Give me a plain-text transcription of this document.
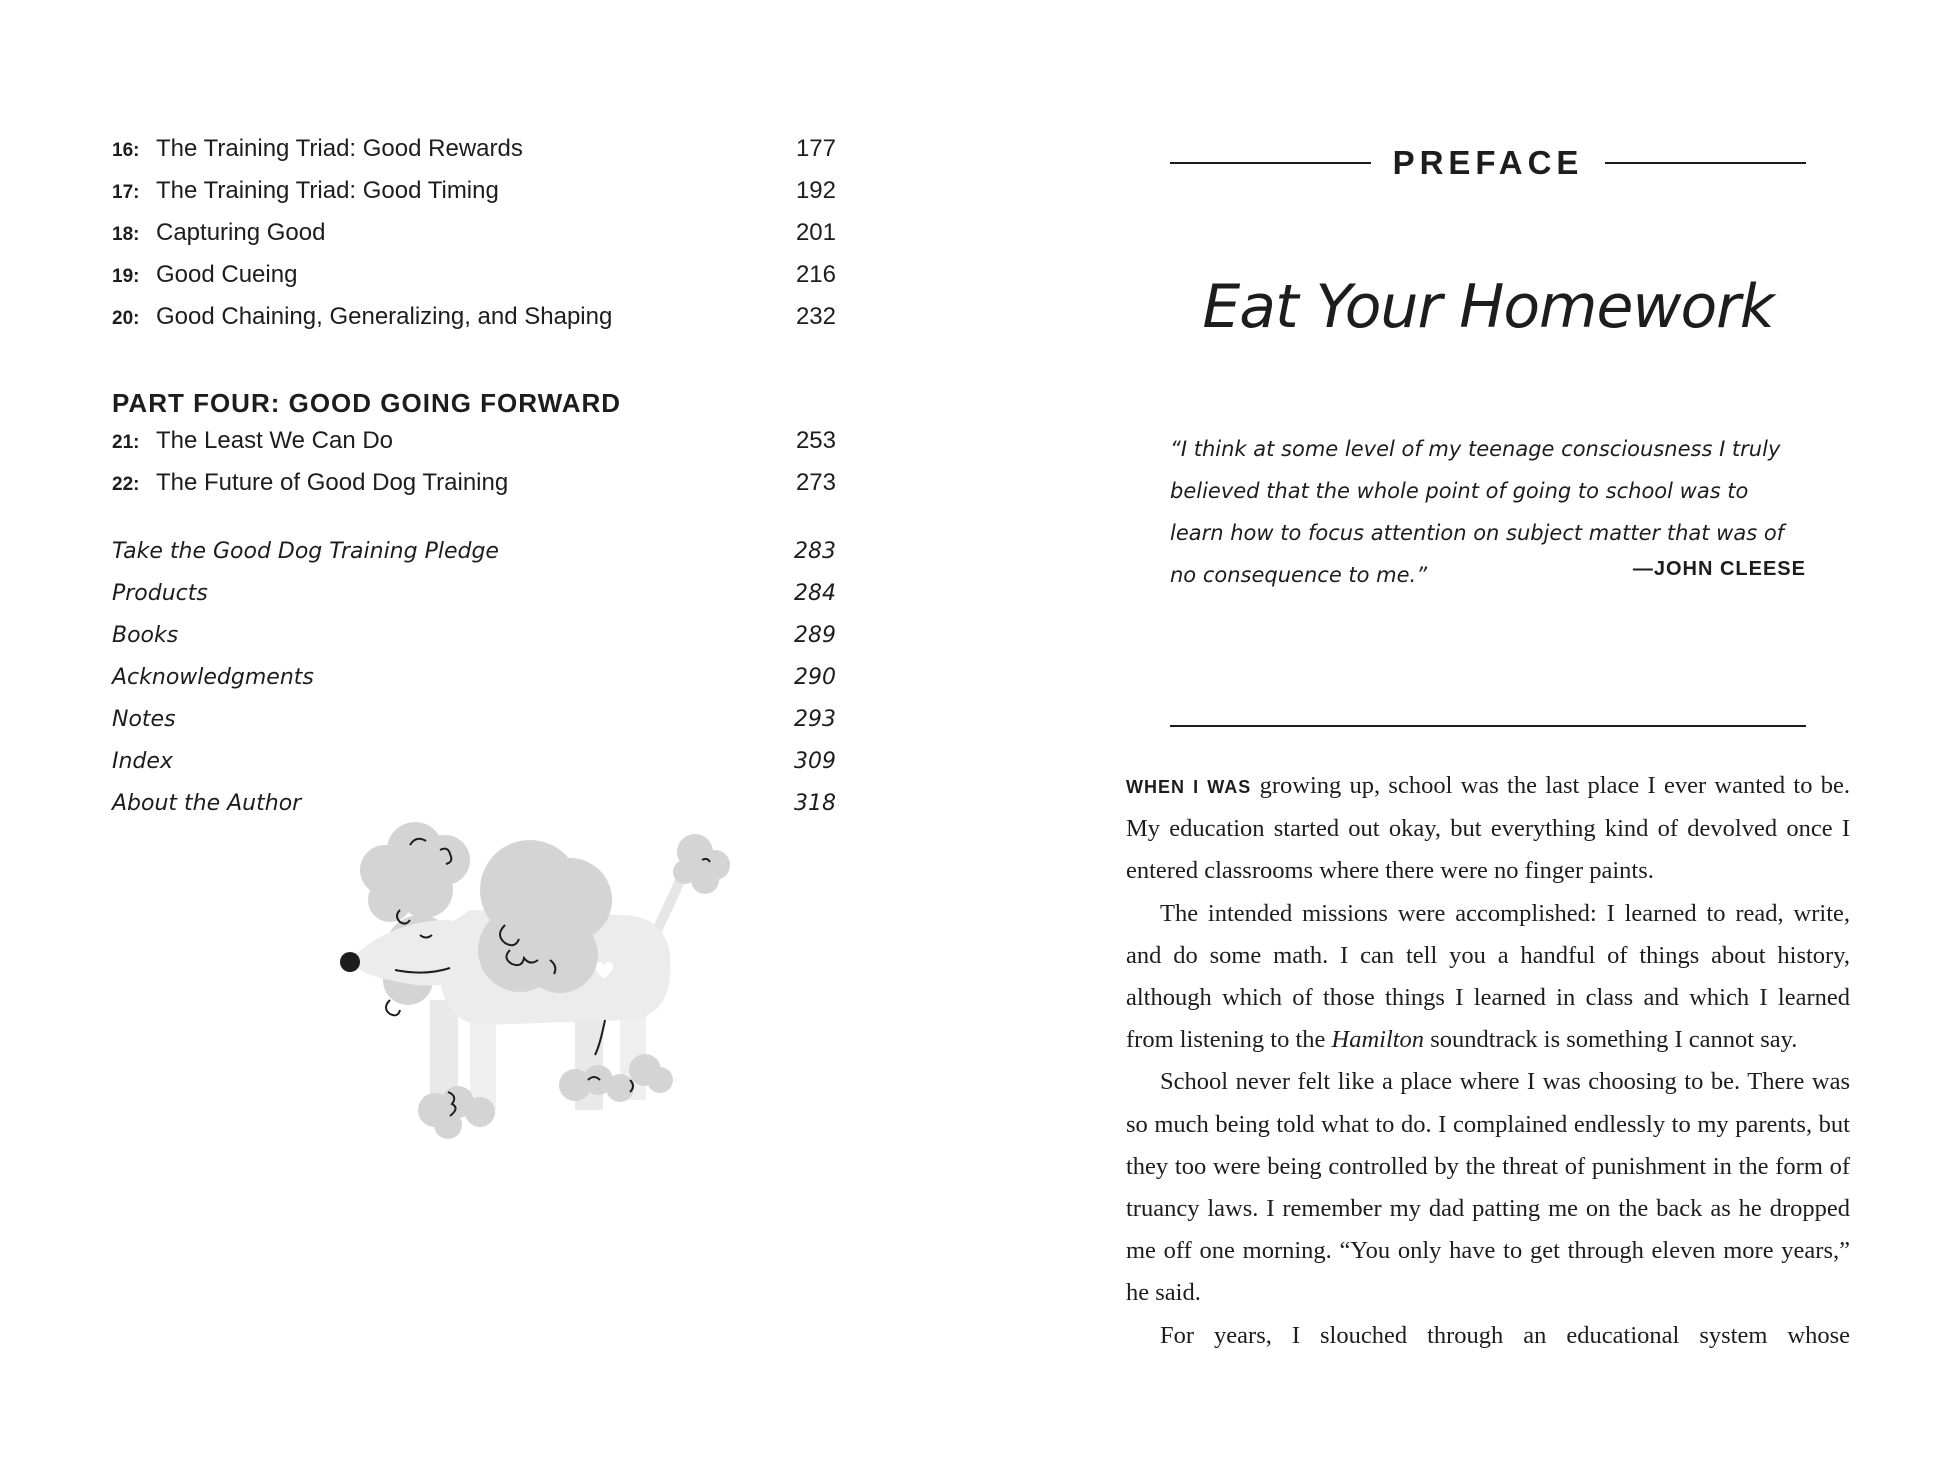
16: The Training Triad: Good Rewards	177
17: The Training Triad: Good Timing	192
18: Capturing Good	201
19: Good Cueing	216
20: Good Chaining, Generalizing, and Shaping	232
PART FOUR: GOOD GOING FORWARD
21: The Least We Can Do	253
22: The Future of Good Dog Training	273
Take the Good Dog Training Pledge	283
Products	284
Books	289
Acknowledgments	290
Notes	293
Index	309
About the Author	318
PREFACE
Eat Your Homework
“I think at some level of my teenage consciousness I truly believed that the whole point of going to school was to learn how to focus attention on subject matter that was of no consequence to me.”	—JOHN CLEESE

WHEN I WAS growing up, school was the last place I ever wanted to be. My education started out okay, but everything kind of devolved once I entered classrooms where there were no finger paints.

The intended missions were accomplished: I learned to read, write, and do some math. I can tell you a handful of things about history, although which of those things I learned in class and which I learned from listening to the Hamilton soundtrack is something I cannot say.

School never felt like a place where I was choosing to be. There was so much being told what to do. I complained endlessly to my parents, but they too were being controlled by the threat of punishment in the form of truancy laws. I remember my dad patting me on the back as he dropped me off one morning. “You only have to get through eleven more years,” he said.

For years, I slouched through an educational system whose
